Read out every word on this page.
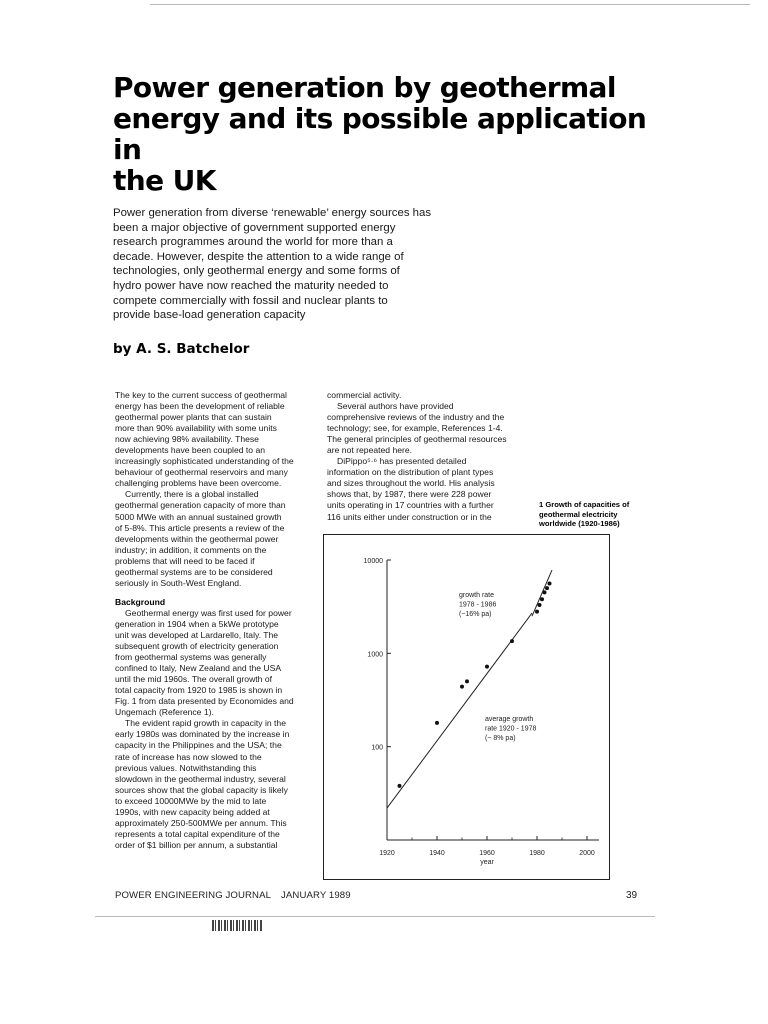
Power generation by geothermal
energy and its possible application in
the UK
Power generation from diverse ‘renewable’ energy sources has
been a major objective of government supported energy
research programmes around the world for more than a
decade. However, despite the attention to a wide range of
technologies, only geothermal energy and some forms of
hydro power have now reached the maturity needed to
compete commercially with fossil and nuclear plants to
provide base-load generation capacity
by A. S. Batchelor
The key to the current success of geothermal
energy has been the development of reliable
geothermal power plants that can sustain
more than 90% availability with some units
now achieving 98% availability. These
developments have been coupled to an
increasingly sophisticated understanding of the
behaviour of geothermal reservoirs and many
challenging problems have been overcome.
Currently, there is a global installed
geothermal generation capacity of more than
5000 MWe with an annual sustained growth
of 5-8%. This article presents a review of the
developments within the geothermal power
industry; in addition, it comments on the
problems that will need to be faced if
geothermal systems are to be considered
seriously in South-West England.
Background
Geothermal energy was first used for power
generation in 1904 when a 5kWe prototype
unit was developed at Lardarello, Italy. The
subsequent growth of electricity generation
from geothermal systems was generally
confined to Italy, New Zealand and the USA
until the mid 1960s. The overall growth of
total capacity from 1920 to 1985 is shown in
Fig. 1 from data presented by Economides and
Ungemach (Reference 1).
The evident rapid growth in capacity in the
early 1980s was dominated by the increase in
capacity in the Philippines and the USA; the
rate of increase has now slowed to the
previous values. Notwithstanding this
slowdown in the geothermal industry, several
sources show that the global capacity is likely
to exceed 10000MWe by the mid to late
1990s, with new capacity being added at
approximately 250-500MWe per annum. This
represents a total capital expenditure of the
order of $1 billion per annum, a substantial
commercial activity.
Several authors have provided
comprehensive reviews of the industry and the
technology; see, for example, References 1-4.
The general principles of geothermal resources
are not repeated here.
DiPippo⁵·⁶ has presented detailed
information on the distribution of plant types
and sizes throughout the world. His analysis
shows that, by 1987, there were 228 power
units operating in 17 countries with a further
116 units either under construction or in the
1 Growth of capacities of
geothermal electricity
worldwide (1920-1986)
1920	1940	1960	1980	2000
year
100
1000
10000
growth rate
1978 - 1986
(~16% pa)
average growth
rate 1920 - 1978
(~ 8% pa)
POWER ENGINEERING JOURNAL JANUARY 1989	39
